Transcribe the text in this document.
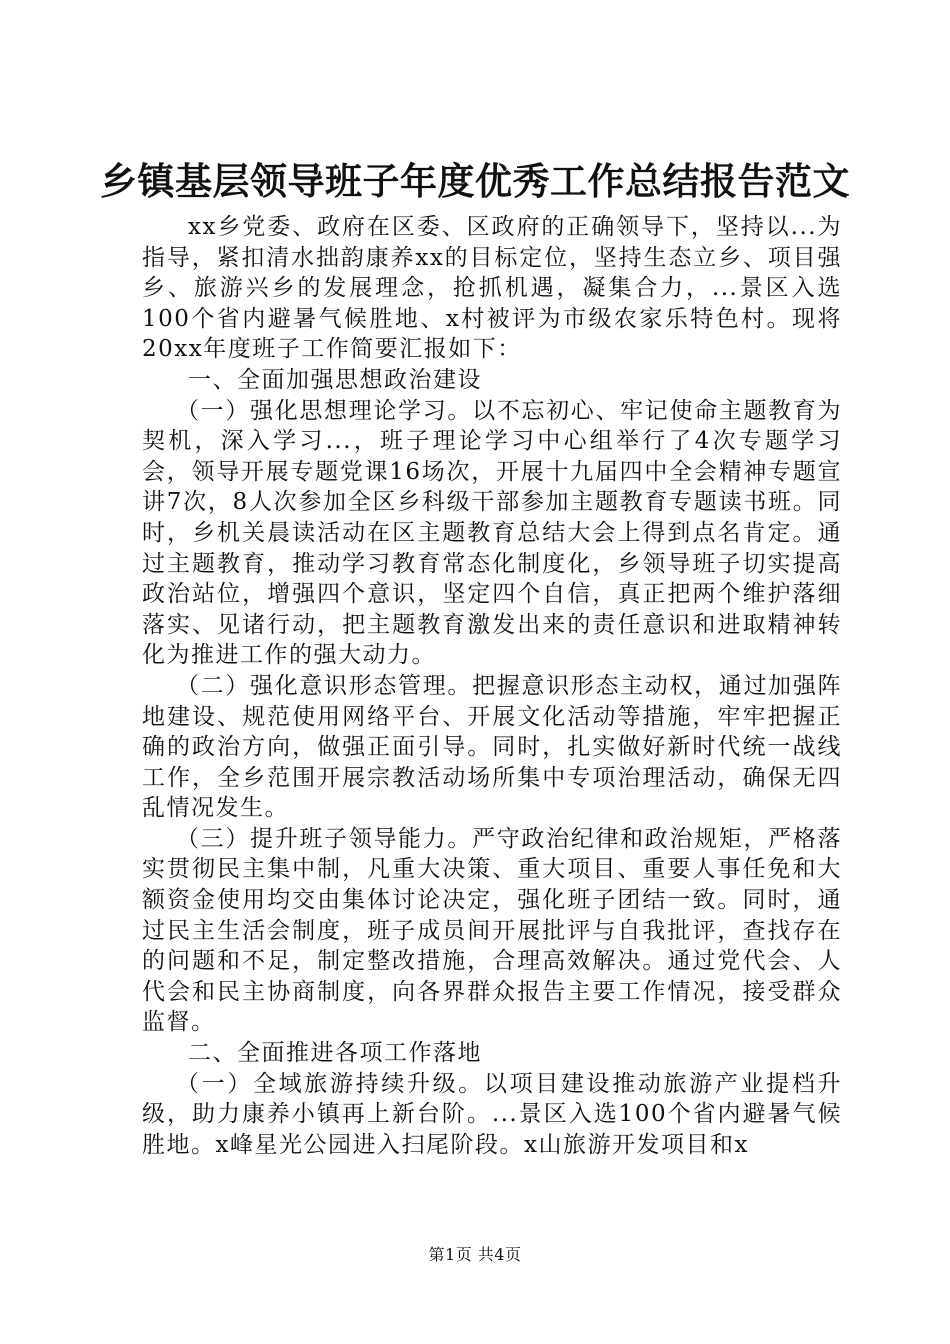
乡镇基层领导班子年度优秀工作总结报告范文

xx乡党委、政府在区委、区政府的正确领导下，坚持以...为指导，紧扣清水拙韵康养xx的目标定位，坚持生态立乡、项目强乡、旅游兴乡的发展理念，抢抓机遇，凝集合力，...景区入选100个省内避暑气候胜地、x村被评为市级农家乐特色村。现将20xx年度班子工作简要汇报如下：

一、全面加强思想政治建设

（一）强化思想理论学习。以不忘初心、牢记使命主题教育为契机，深入学习...，班子理论学习中心组举行了4次专题学习会，领导开展专题党课16场次，开展十九届四中全会精神专题宣讲7次，8人次参加全区乡科级干部参加主题教育专题读书班。同时，乡机关晨读活动在区主题教育总结大会上得到点名肯定。通过主题教育，推动学习教育常态化制度化，乡领导班子切实提高政治站位，增强四个意识，坚定四个自信，真正把两个维护落细落实、见诸行动，把主题教育激发出来的责任意识和进取精神转化为推进工作的强大动力。

（二）强化意识形态管理。把握意识形态主动权，通过加强阵地建设、规范使用网络平台、开展文化活动等措施，牢牢把握正确的政治方向，做强正面引导。同时，扎实做好新时代统一战线工作，全乡范围开展宗教活动场所集中专项治理活动，确保无四乱情况发生。

（三）提升班子领导能力。严守政治纪律和政治规矩，严格落实贯彻民主集中制，凡重大决策、重大项目、重要人事任免和大额资金使用均交由集体讨论决定，强化班子团结一致。同时，通过民主生活会制度，班子成员间开展批评与自我批评，查找存在的问题和不足，制定整改措施，合理高效解决。通过党代会、人代会和民主协商制度，向各界群众报告主要工作情况，接受群众监督。

二、全面推进各项工作落地

（一）全域旅游持续升级。以项目建设推动旅游产业提档升级，助力康养小镇再上新台阶。...景区入选100个省内避暑气候胜地。x峰星光公园进入扫尾阶段。x山旅游开发项目和x

第1页 共4页
